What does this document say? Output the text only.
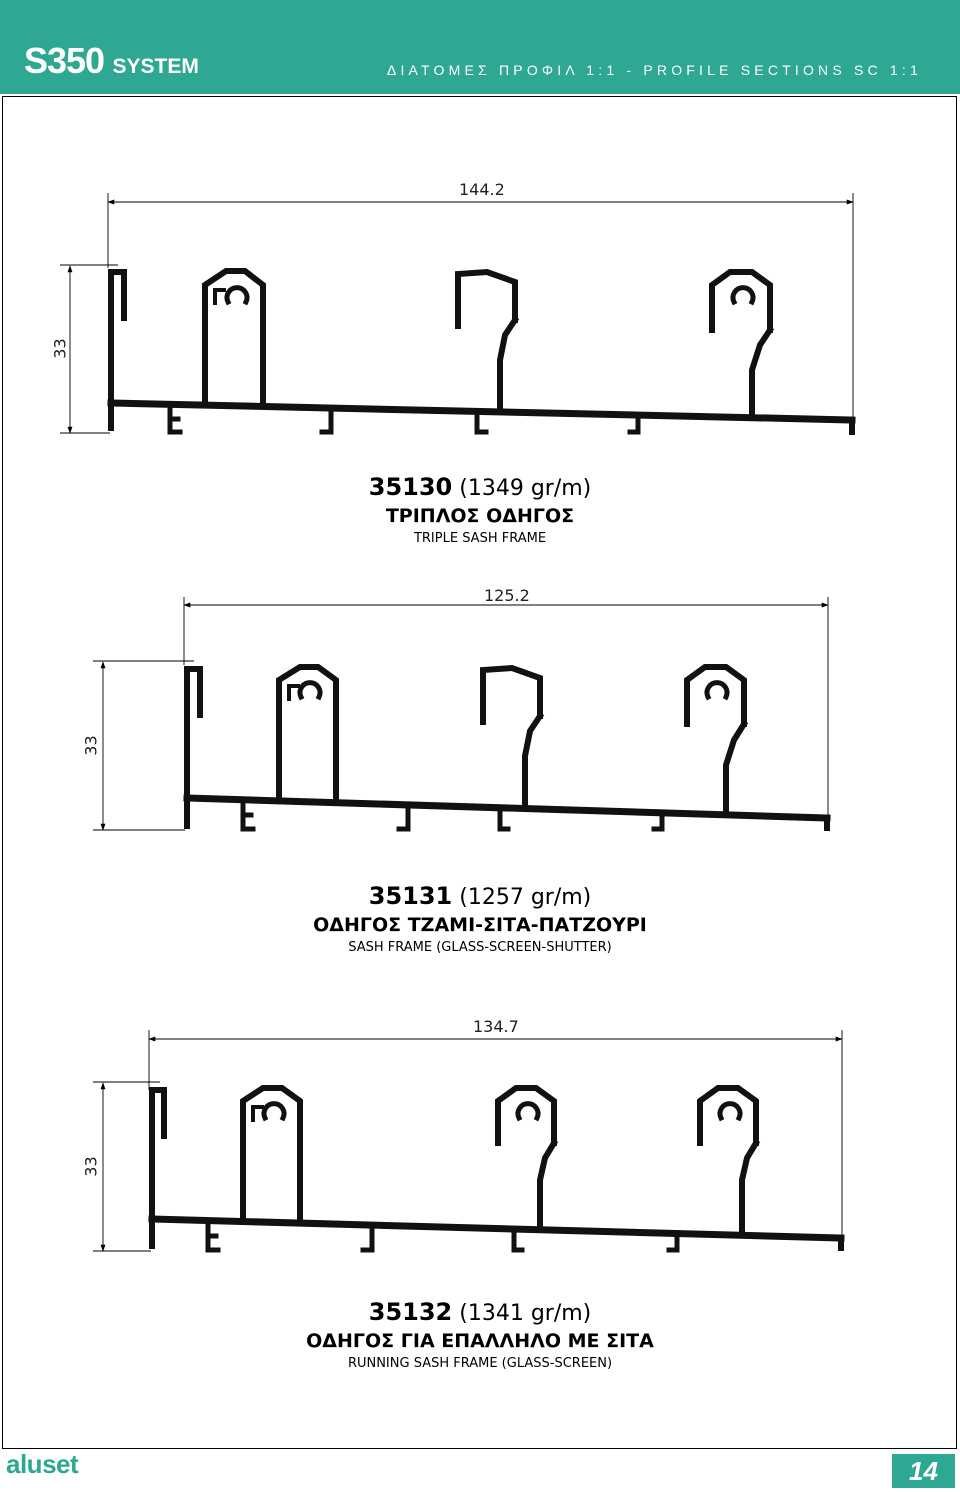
S350 SYSTEM	ΔΙΑΤΟΜΕΣ ΠΡΟΦΙΛ 1:1 - PROFILE SECTIONS SC 1:1
144.2
33
125.2
33
134.7
33
35130 (1349 gr/m)
ΤΡΙΠΛΟΣ ΟΔΗΓΟΣ
TRIPLE SASH FRAME
35131 (1257 gr/m)
ΟΔΗΓΟΣ ΤΖΑΜΙ-ΣΙΤΑ-ΠΑΤΖΟΥΡΙ
SASH FRAME (GLASS-SCREEN-SHUTTER)
35132 (1341 gr/m)
ΟΔΗΓΟΣ ΓΙΑ ΕΠΑΛΛΗΛΟ ΜΕ ΣΙΤΑ
RUNNING SASH FRAME (GLASS-SCREEN)
aluset	14
